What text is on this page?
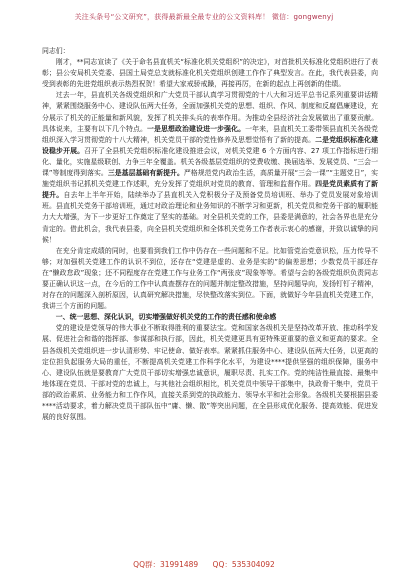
关注头条号“公文研究”，获得最新最全最专业的公文资料库！ 微信：gongwenyj

同志们：

刚才，**同志宣读了《关于命名县直机关“标准化机关党组织”的决定》，对首批机关标准化党组织进行了表彰；县公安局机关党委、县国土局党总支就标准化机关党组织创建工作作了典型发言。在此，我代表县委，向受到表彰的先进党组织表示热烈祝贺！希望大家戒骄戒躁，再接再厉，在新的起点上再创新的佳绩。

过去一年，县直机关各级党组织和广大党员干部认真学习贯彻党的十八大和习近平总书记系列重要讲话精神，紧紧围绕服务中心、建设队伍两大任务，全面加强机关党的思想、组织、作风、制度和反腐倡廉建设，充分展示了机关的正能量和新风貌，发挥了机关排头兵的表率作用。为推动全县经济社会发展做出了重要贡献。具体说来，主要有以下几个特点。一是思想政治建设进一步强化。一年来，县直机关工委带领县直机关各级党组织深入学习贯彻党的十八大精神，机关党员干部的党性修养及思想觉悟有了新的提高。二是党组织标准化建设稳步开展。召开了全县机关党组织标准化建设推进会议，对机关党建 6 个方面内容、27 项工作指标进行细化、量化，实施星级联创、力争三年全覆盖。机关各级基层党组织的党费收缴、换届选举、发展党员、“三会一课”等制度得到落实。三是基层基础有新提升。严格规范党内政治生活，高质量开展“三会一课”“主题党日”，实施党组织书记抓机关党建工作述职，充分发挥了党组织对党员的教育、管理和监督作用。四是党员素质有了新提升。自去年上半年开始，陆续举办了县直机关入党积极分子及预备党员培训班、举办了党员发展对象培训班。县直机关党务干部培训班，通过对政治理论和业务知识的不断学习和更新，机关党员和党务干部的履职能力大大增强，为下一步更好工作奠定了坚实的基础。对全县机关党的工作，县委是满意的，社会各界也是充分肯定的。借此机会，我代表县委，向全县机关党组织和全体机关党务工作者表示衷心的感谢，并致以诚挚的问候！

在充分肯定成绩的同时，也要看到我们工作中仍存在一些问题和不足。比如管党治党意识松，压力传导不够；对加强机关党建工作的认识不到位，还存在“党建是虚的、业务是实的”的偏差思想；少数党员干部还存在“懒政怠政”现象；还不同程度存在党建工作与业务工作“两张皮”现象等等。希望与会的各级党组织负责同志要正确认识这一点，在今后的工作中认真查摆存在的问题并制定整改措施，坚持问题导向，发扬钉钉子精神，对存在的问题深入剖析原因，认真研究解决措施，尽快整改落实到位。下面，就做好今年县直机关党建工作，我讲三个方面的问题。

一、统一思想、深化认识，切实增强做好机关党的工作的责任感和使命感

党的建设是党领导的伟大事业不断取得胜利的重要法宝。党和国家各级机关是坚持改革开放、推动科学发展、促进社会和谐的指挥部、参谋部和执行部，因此，机关党建更具有更特殊更重要的意义和更高的要求。全县各级机关党组织进一步认清形势、牢记使命、做好表率。紧紧抓住服务中心、建设队伍两大任务，以更高的定位担负起服务大局的重任，不断提高机关党建工作科学化水平，为建设****提供坚强的组织保障，服务中心、建设队伍就是要教育广大党员干部切实增强忠诚意识，履职尽责、扎实工作。党的纯洁性最直接、最集中地体现在党员、干部对党的忠诚上，与其他社会组织相比，机关党员中领导干部集中，执政骨干集中，党员干部的政治素质、业务能力和工作作风，直接关系到党的执政能力、领导水平和社会形象。各级机关要根据县委****活动要求，着力解决党员干部队伍中“庸、懒、散”等突出问题，在全县形成优化服务、提高效能、促进发展的良好氛围。

QQ群：31991489 QQ：535304092
